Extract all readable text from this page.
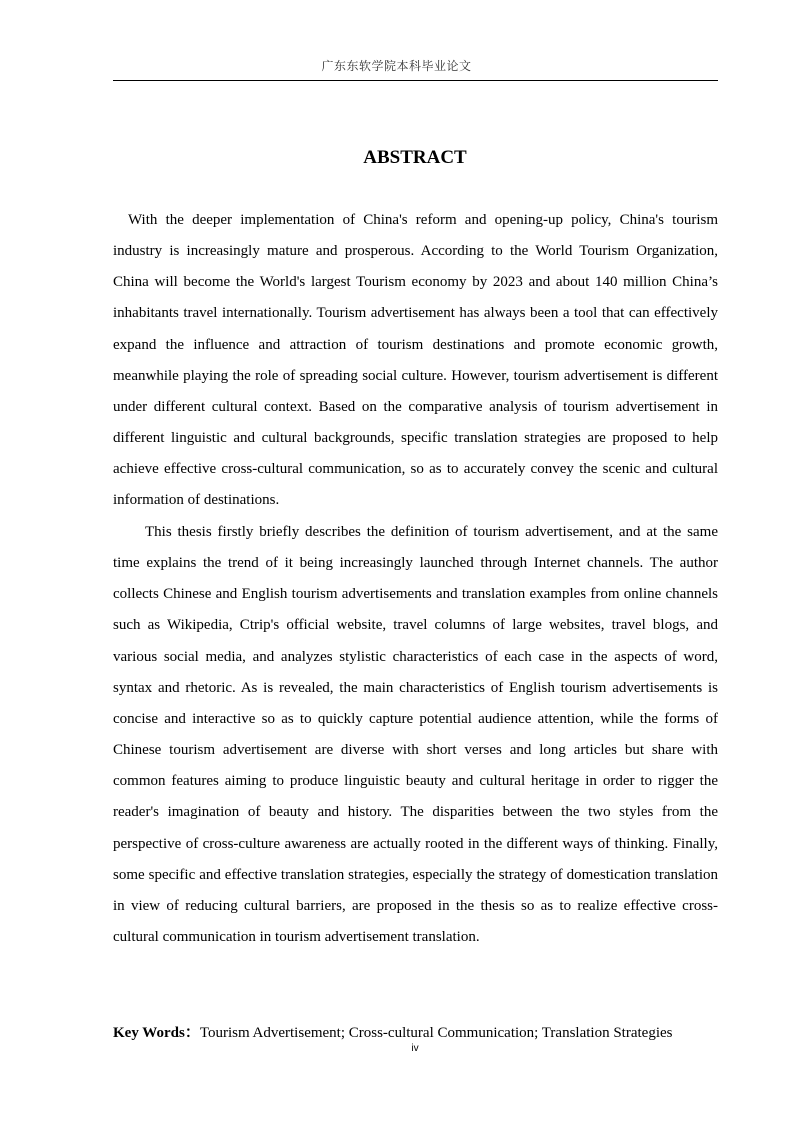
广东东软学院本科毕业论文
ABSTRACT

With the deeper implementation of China's reform and opening-up policy, China's tourism industry is increasingly mature and prosperous. According to the World Tourism Organization, China will become the World's largest Tourism economy by 2023 and about 140 million China’s inhabitants travel internationally. Tourism advertisement has always been a tool that can effectively expand the influence and attraction of tourism destinations and promote economic growth, meanwhile playing the role of spreading social culture. However, tourism advertisement is different under different cultural context. Based on the comparative analysis of tourism advertisement in different linguistic and cultural backgrounds, specific translation strategies are proposed to help achieve effective cross-cultural communication, so as to accurately convey the scenic and cultural information of destinations.

This thesis firstly briefly describes the definition of tourism advertisement, and at the same time explains the trend of it being increasingly launched through Internet channels. The author collects Chinese and English tourism advertisements and translation examples from online channels such as Wikipedia, Ctrip's official website, travel columns of large websites, travel blogs, and various social media, and analyzes stylistic characteristics of each case in the aspects of word, syntax and rhetoric. As is revealed, the main characteristics of English tourism advertisements is concise and interactive so as to quickly capture potential audience attention, while the forms of Chinese tourism advertisement are diverse with short verses and long articles but share with common features aiming to produce linguistic beauty and cultural heritage in order to rigger the reader's imagination of beauty and history. The disparities between the two styles from the perspective of cross-culture awareness are actually rooted in the different ways of thinking. Finally, some specific and effective translation strategies, especially the strategy of domestication translation in view of reducing cultural barriers, are proposed in the thesis so as to realize effective cross-cultural communication in tourism advertisement translation.

Key Words：Tourism Advertisement; Cross-cultural Communication; Translation Strategies
iv
